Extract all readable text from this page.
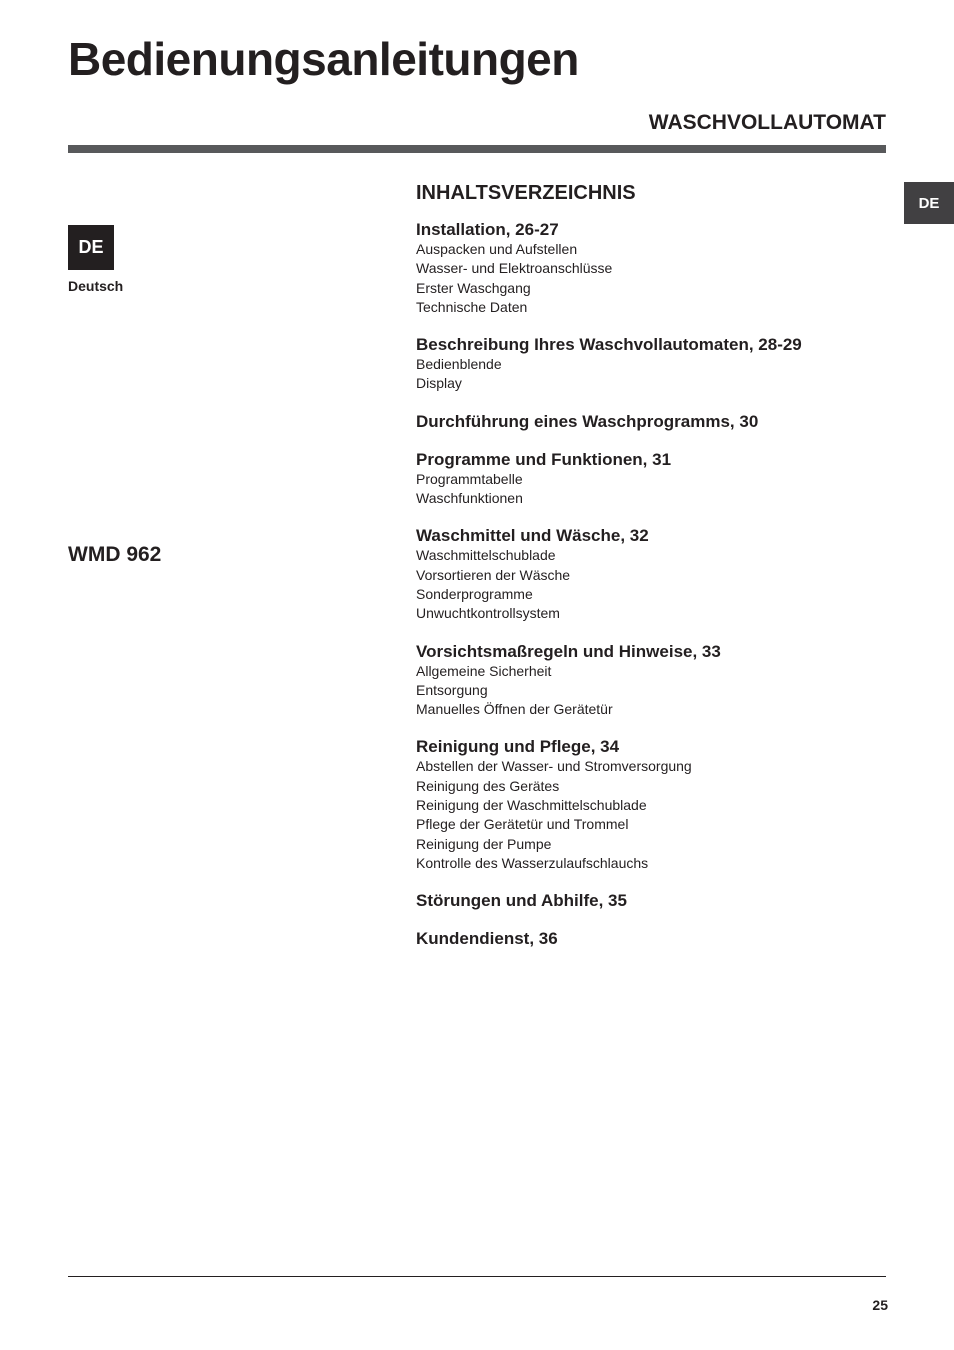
Bedienungsanleitungen
WASCHVOLLAUTOMAT
DE
DE
Deutsch
WMD 962
INHALTSVERZEICHNIS
Installation, 26-27
Auspacken und Aufstellen
Wasser- und Elektroanschlüsse
Erster Waschgang
Technische Daten
Beschreibung Ihres Waschvollautomaten, 28-29
Bedienblende
Display
Durchführung eines Waschprogramms, 30
Programme und Funktionen, 31
Programmtabelle
Waschfunktionen
Waschmittel und Wäsche, 32
Waschmittelschublade
Vorsortieren der Wäsche
Sonderprogramme
Unwuchtkontrollsystem
Vorsichtsmaßregeln und Hinweise, 33
Allgemeine Sicherheit
Entsorgung
Manuelles Öffnen der Gerätetür
Reinigung und Pflege, 34
Abstellen der Wasser- und Stromversorgung
Reinigung des Gerätes
Reinigung der Waschmittelschublade
Pflege der Gerätetür und Trommel
Reinigung der Pumpe
Kontrolle des Wasserzulaufschlauchs
Störungen und Abhilfe, 35
Kundendienst, 36
25
